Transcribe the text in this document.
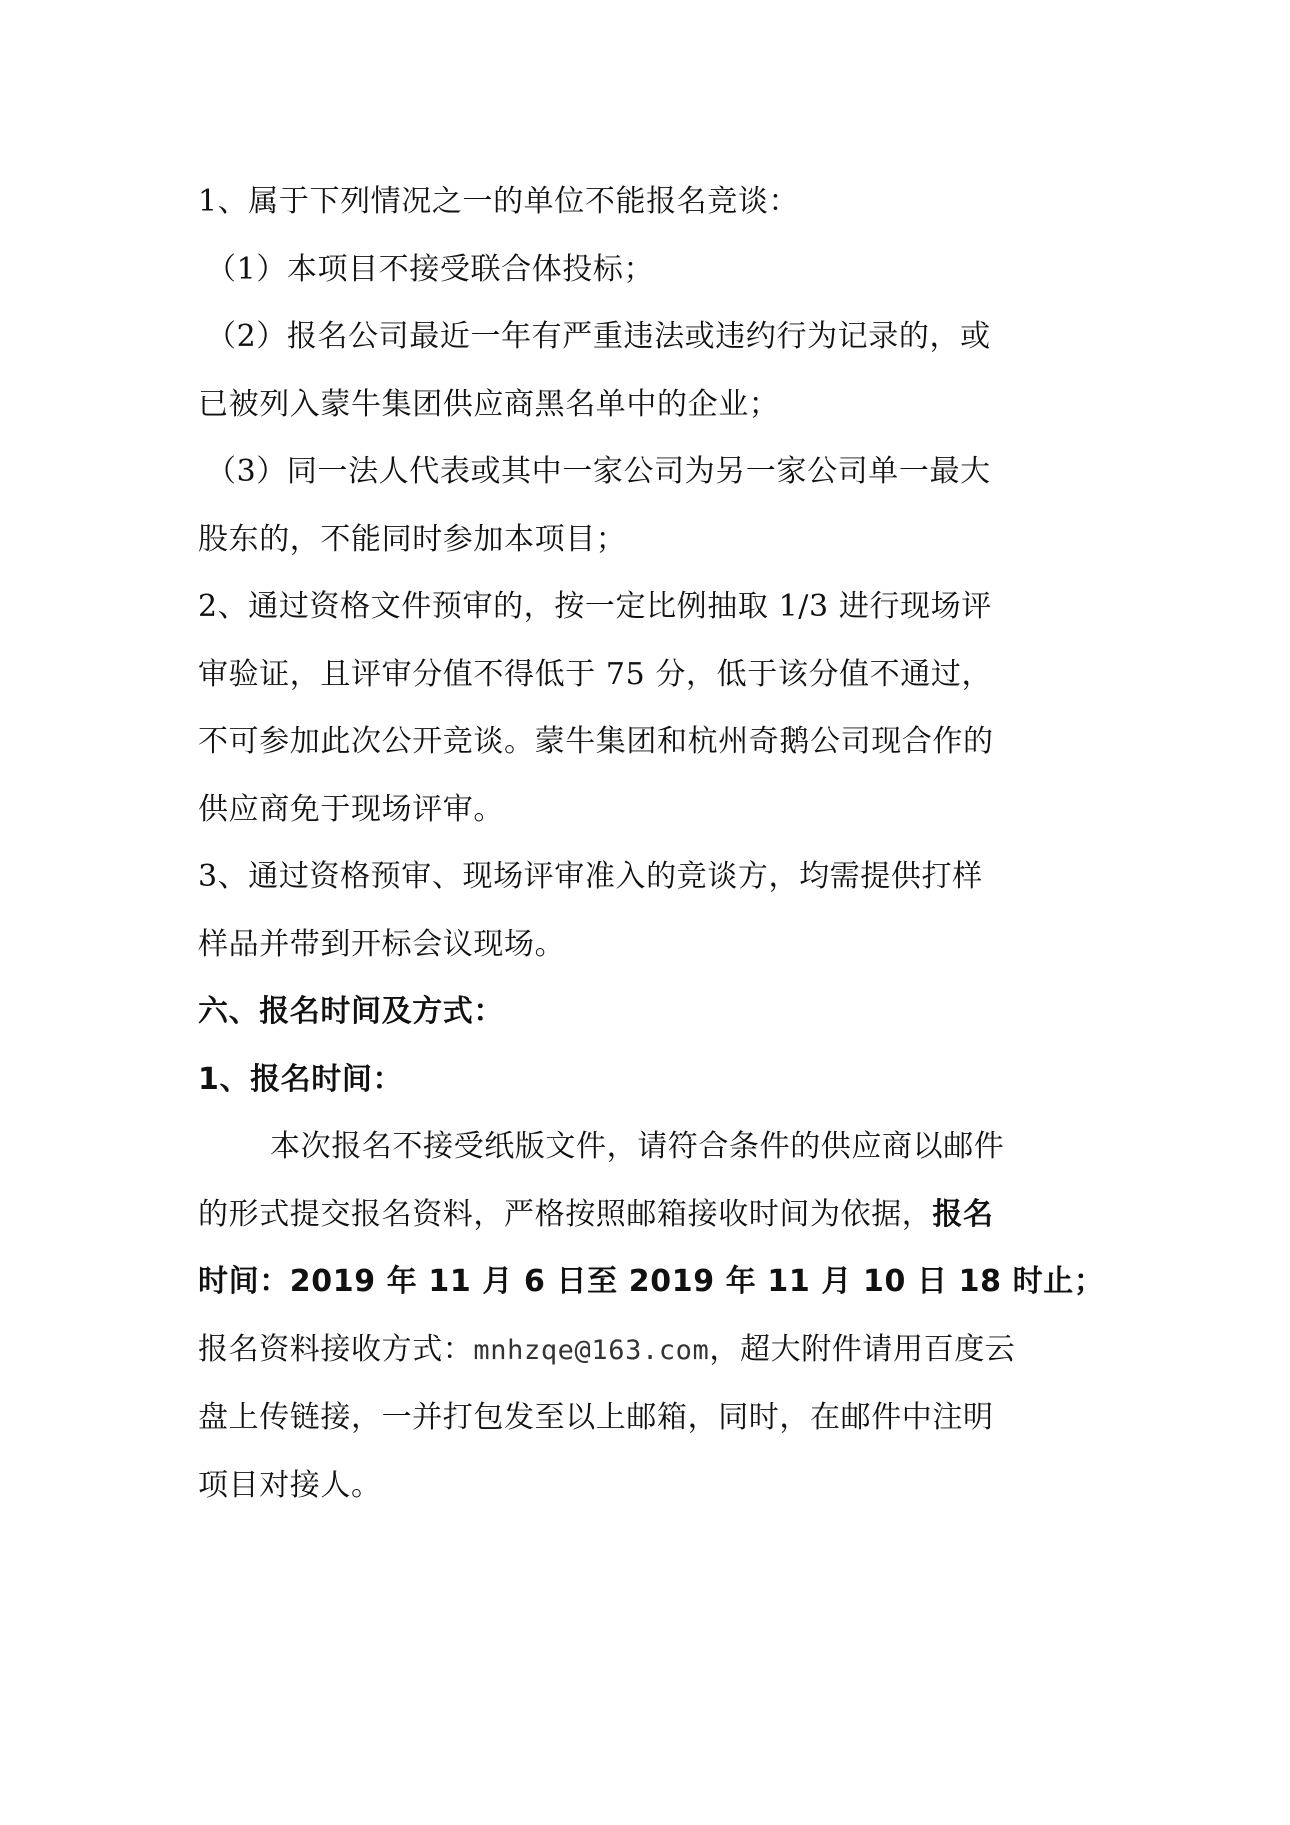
1、属于下列情况之一的单位不能报名竞谈：
（1）本项目不接受联合体投标；
（2）报名公司最近一年有严重违法或违约行为记录的，或
已被列入蒙牛集团供应商黑名单中的企业；
（3）同一法人代表或其中一家公司为另一家公司单一最大
股东的，不能同时参加本项目；
2、通过资格文件预审的，按一定比例抽取 1/3 进行现场评
审验证，且评审分值不得低于 75 分，低于该分值不通过，
不可参加此次公开竞谈。蒙牛集团和杭州奇鹅公司现合作的
供应商免于现场评审。
3、通过资格预审、现场评审准入的竞谈方，均需提供打样
样品并带到开标会议现场。
六、报名时间及方式：
1、报名时间：
本次报名不接受纸版文件，请符合条件的供应商以邮件
的形式提交报名资料，严格按照邮箱接收时间为依据，报名
时间：2019 年 11 月 6 日至 2019 年 11 月 10 日 18 时止；
报名资料接收方式：mnhzqe@163.com，超大附件请用百度云
盘上传链接，一并打包发至以上邮箱，同时，在邮件中注明
项目对接人。
